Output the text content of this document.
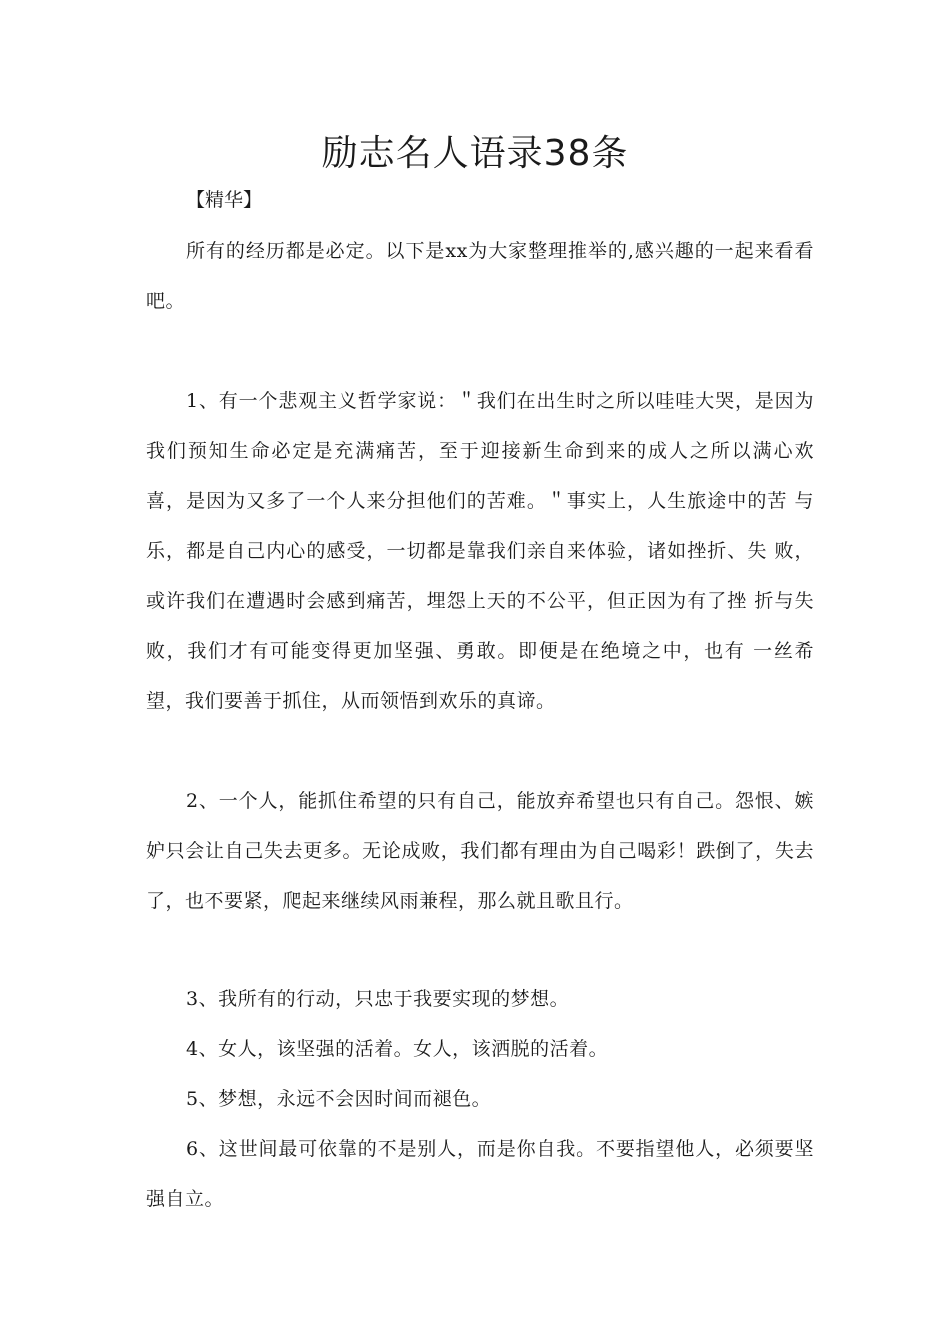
励志名人语录38条

【精华】

所有的经历都是必定。以下是xx为大家整理推举的,感兴趣的一起来看看吧。

1、有一个悲观主义哲学家说：＂我们在出生时之所以哇哇大哭，是因为 我们预知生命必定是充满痛苦，至于迎接新生命到来的成人之所以满心欢 喜，是因为又多了一个人来分担他们的苦难。＂事实上，人生旅途中的苦 与乐，都是自己内心的感受，一切都是靠我们亲自来体验，诸如挫折、失 败，或许我们在遭遇时会感到痛苦，埋怨上天的不公平，但正因为有了挫 折与失败，我们才有可能变得更加坚强、勇敢。即便是在绝境之中，也有 一丝希望，我们要善于抓住，从而领悟到欢乐的真谛。

2、一个人，能抓住希望的只有自己，能放弃希望也只有自己。怨恨、嫉妒只会让自己失去更多。无论成败，我们都有理由为自己喝彩！跌倒了，失去了，也不要紧，爬起来继续风雨兼程，那么就且歌且行。

3、我所有的行动，只忠于我要实现的梦想。

4、女人，该坚强的活着。女人，该洒脱的活着。

5、梦想，永远不会因时间而褪色。

6、这世间最可依靠的不是别人，而是你自我。不要指望他人，必须要坚强自立。
